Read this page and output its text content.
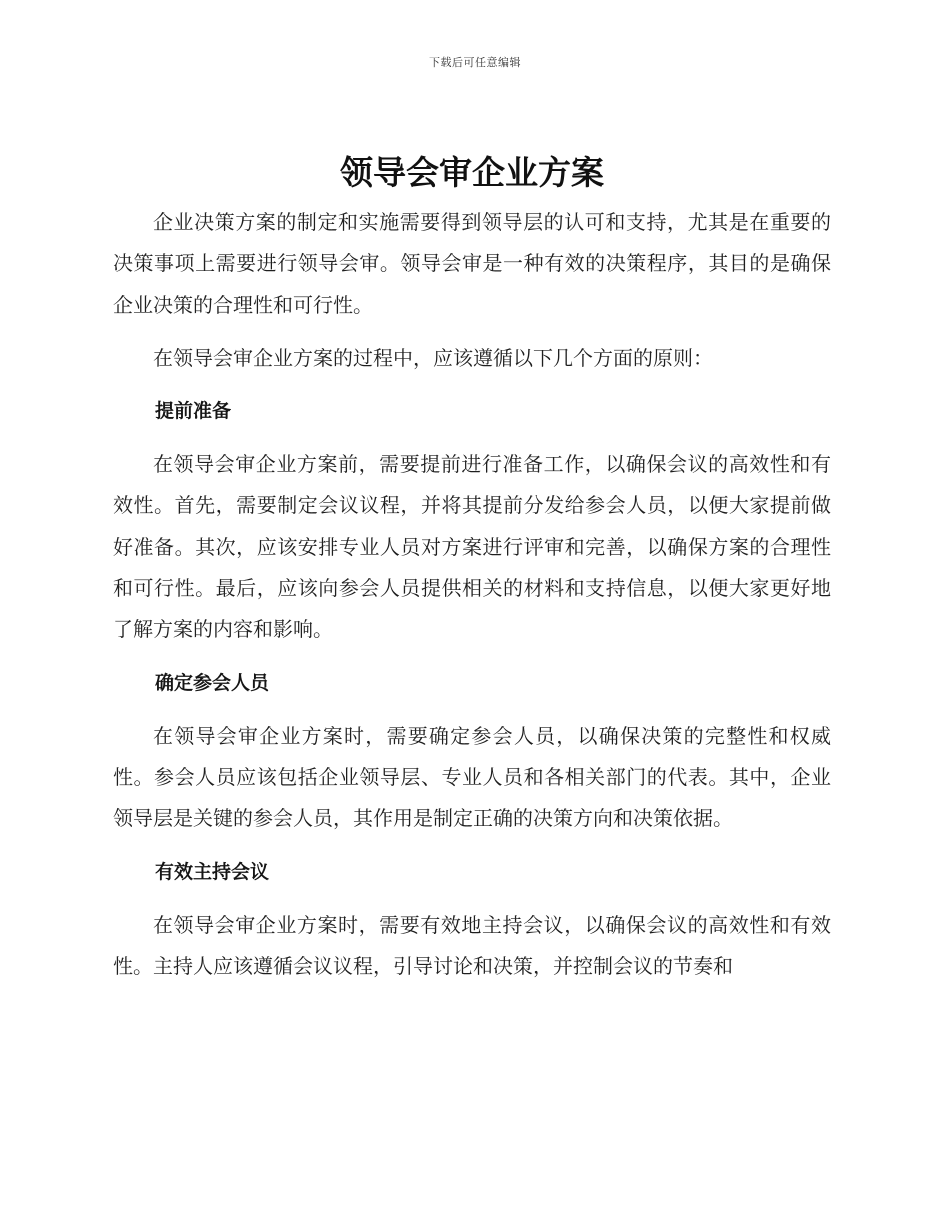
下载后可任意编辑
领导会审企业方案

企业决策方案的制定和实施需要得到领导层的认可和支持，尤其是在重要的决策事项上需要进行领导会审。领导会审是一种有效的决策程序，其目的是确保企业决策的合理性和可行性。

在领导会审企业方案的过程中，应该遵循以下几个方面的原则：

提前准备

在领导会审企业方案前，需要提前进行准备工作，以确保会议的高效性和有效性。首先，需要制定会议议程，并将其提前分发给参会人员，以便大家提前做好准备。其次，应该安排专业人员对方案进行评审和完善，以确保方案的合理性和可行性。最后，应该向参会人员提供相关的材料和支持信息，以便大家更好地了解方案的内容和影响。

确定参会人员

在领导会审企业方案时，需要确定参会人员，以确保决策的完整性和权威性。参会人员应该包括企业领导层、专业人员和各相关部门的代表。其中，企业领导层是关键的参会人员，其作用是制定正确的决策方向和决策依据。

有效主持会议

在领导会审企业方案时，需要有效地主持会议，以确保会议的高效性和有效性。主持人应该遵循会议议程，引导讨论和决策，并控制会议的节奏和
